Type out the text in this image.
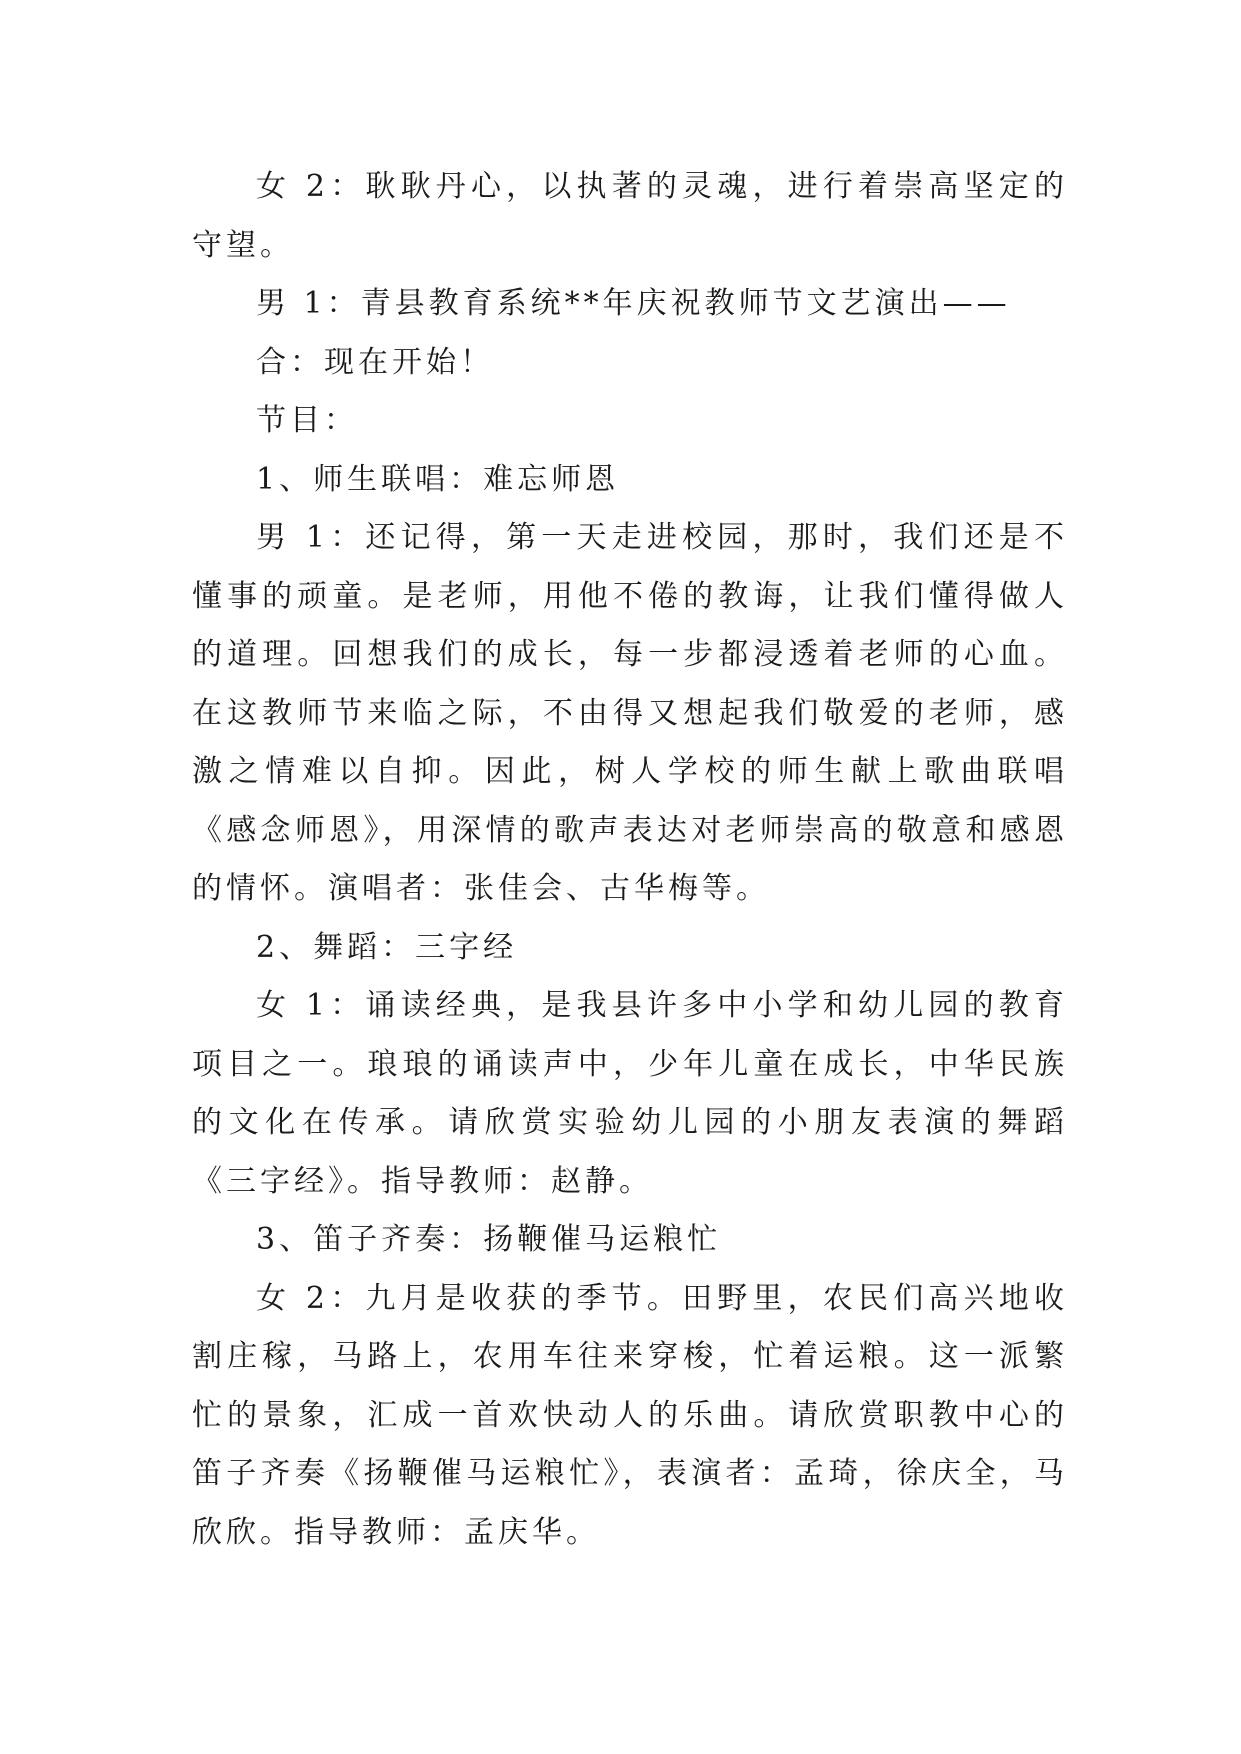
女 2：耿耿丹心，以执著的灵魂，进行着崇高坚定的守望。

男 1：青县教育系统**年庆祝教师节文艺演出——

合：现在开始！

节目：

1、师生联唱：难忘师恩

男 1：还记得，第一天走进校园，那时，我们还是不懂事的顽童。是老师，用他不倦的教诲，让我们懂得做人的道理。回想我们的成长，每一步都浸透着老师的心血。在这教师节来临之际，不由得又想起我们敬爱的老师，感激之情难以自抑。因此，树人学校的师生献上歌曲联唱《感念师恩》，用深情的歌声表达对老师崇高的敬意和感恩的情怀。演唱者：张佳会、古华梅等。

2、舞蹈：三字经

女 1：诵读经典，是我县许多中小学和幼儿园的教育项目之一。琅琅的诵读声中，少年儿童在成长，中华民族的文化在传承。请欣赏实验幼儿园的小朋友表演的舞蹈《三字经》。指导教师：赵静。

3、笛子齐奏：扬鞭催马运粮忙

女 2：九月是收获的季节。田野里，农民们高兴地收割庄稼，马路上，农用车往来穿梭，忙着运粮。这一派繁忙的景象，汇成一首欢快动人的乐曲。请欣赏职教中心的笛子齐奏《扬鞭催马运粮忙》，表演者：孟琦，徐庆全，马欣欣。指导教师：孟庆华。
